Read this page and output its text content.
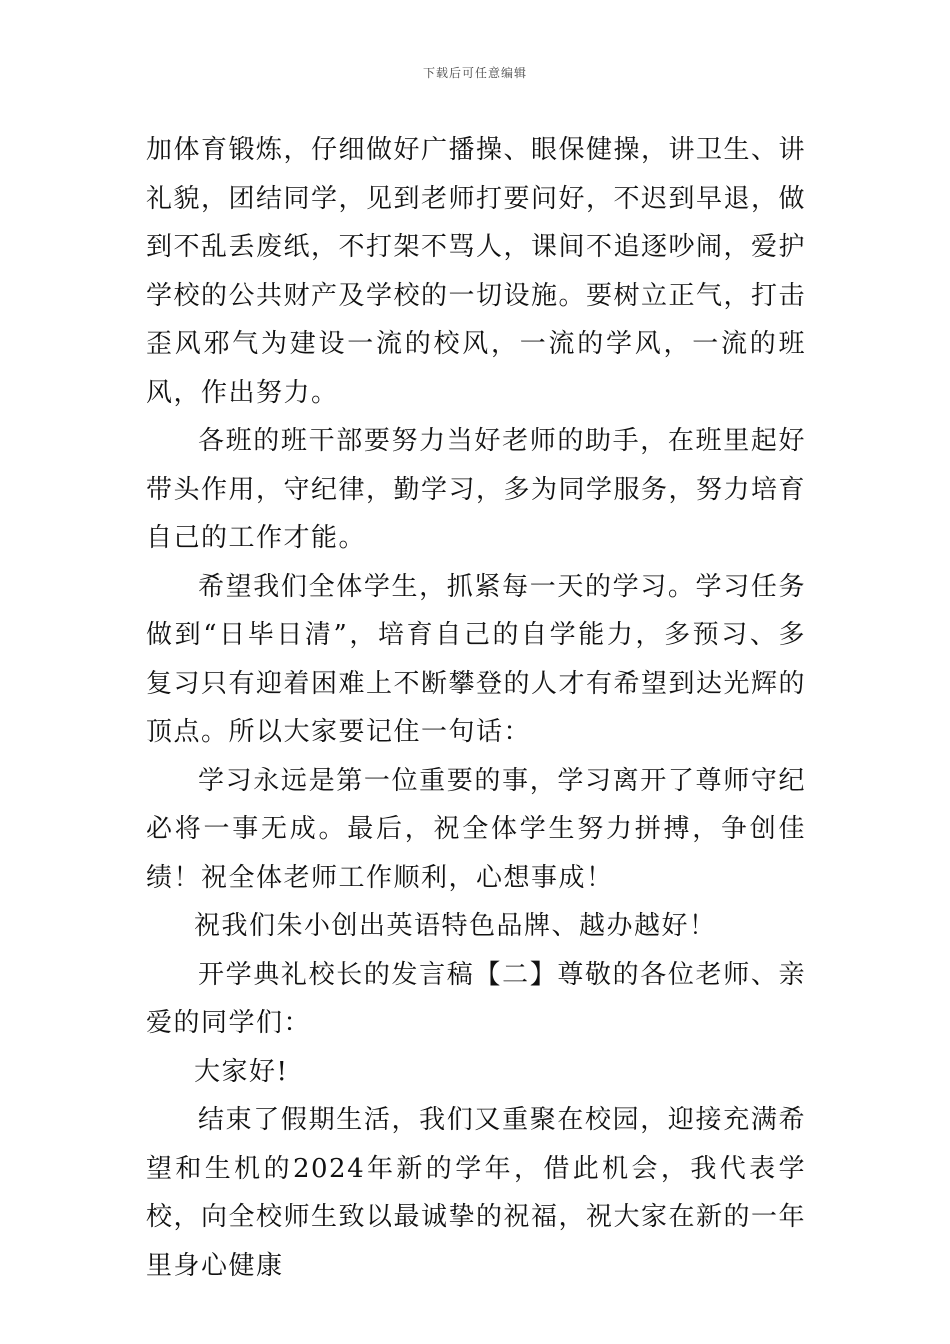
下载后可任意编辑

加体育锻炼，仔细做好广播操、眼保健操，讲卫生、讲礼貌，团结同学，见到老师打要问好，不迟到早退，做到不乱丢废纸，不打架不骂人，课间不追逐吵闹，爱护学校的公共财产及学校的一切设施。要树立正气，打击歪风邪气为建设一流的校风，一流的学风，一流的班风，作出努力。

各班的班干部要努力当好老师的助手，在班里起好带头作用，守纪律，勤学习，多为同学服务，努力培育自己的工作才能。

希望我们全体学生，抓紧每一天的学习。学习任务做到“日毕日清”，培育自己的自学能力，多预习、多复习只有迎着困难上不断攀登的人才有希望到达光辉的顶点。所以大家要记住一句话：

学习永远是第一位重要的事，学习离开了尊师守纪必将一事无成。最后，祝全体学生努力拼搏，争创佳绩！祝全体老师工作顺利，心想事成！

祝我们朱小创出英语特色品牌、越办越好！

开学典礼校长的发言稿【二】尊敬的各位老师、亲爱的同学们：

大家好!

结束了假期生活，我们又重聚在校园，迎接充满希望和生机的2024年新的学年，借此机会，我代表学校，向全校师生致以最诚挚的祝福，祝大家在新的一年里身心健康
